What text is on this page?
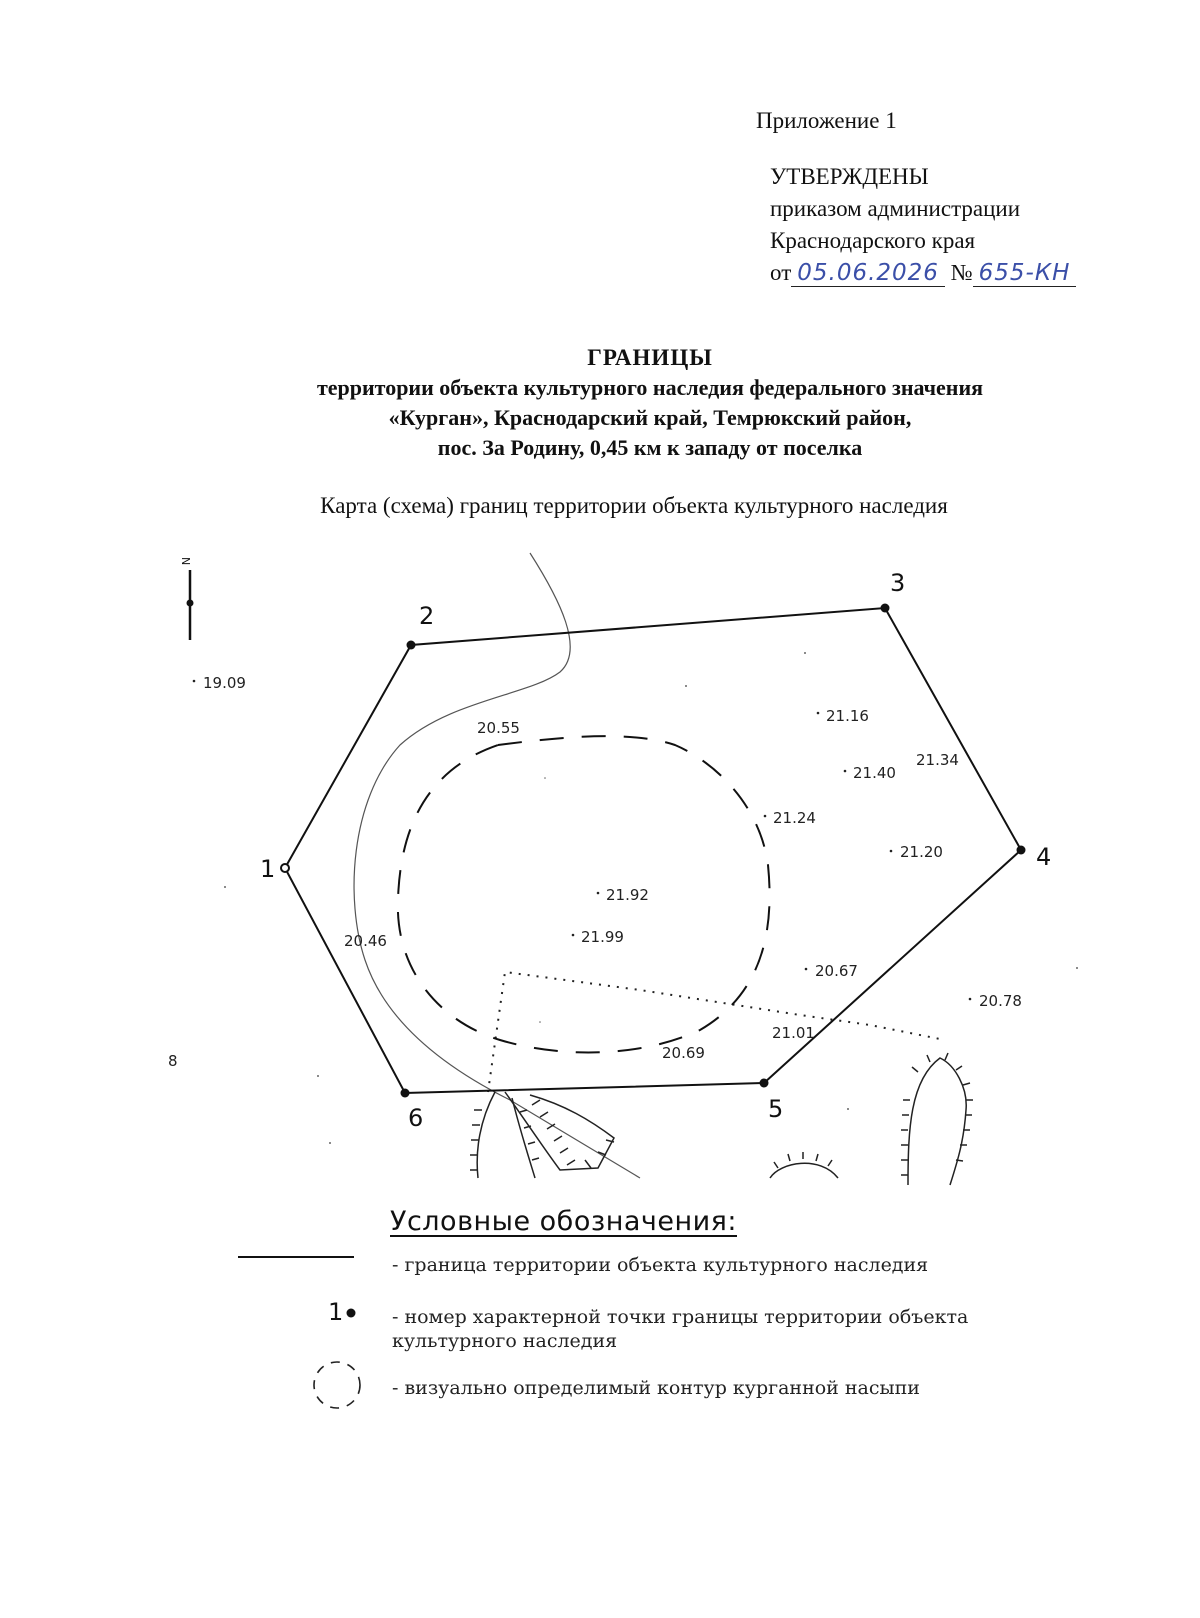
Приложение 1
УТВЕРЖДЕНЫ
приказом администрации
Краснодарского края
от 05.06.2026 № 655-КН
ГРАНИЦЫ
территории объекта культурного наследия федерального значения
«Курган», Краснодарский край, Темрюкский район,
пос. За Родину, 0,45 км к западу от поселка
Карта (схема) границ территории объекта культурного наследия
N
1
2
3
4
5
6
19.09
20.55
21.16
21.40
21.34
21.24
21.20
21.92
21.99
20.46
20.67
20.78
21.01
20.69
8
Условные обозначения:
- граница территории объекта культурного наследия
1	- номер характерной точки границы территории объекта культурного наследия
- визуально определимый контур курганной насыпи
